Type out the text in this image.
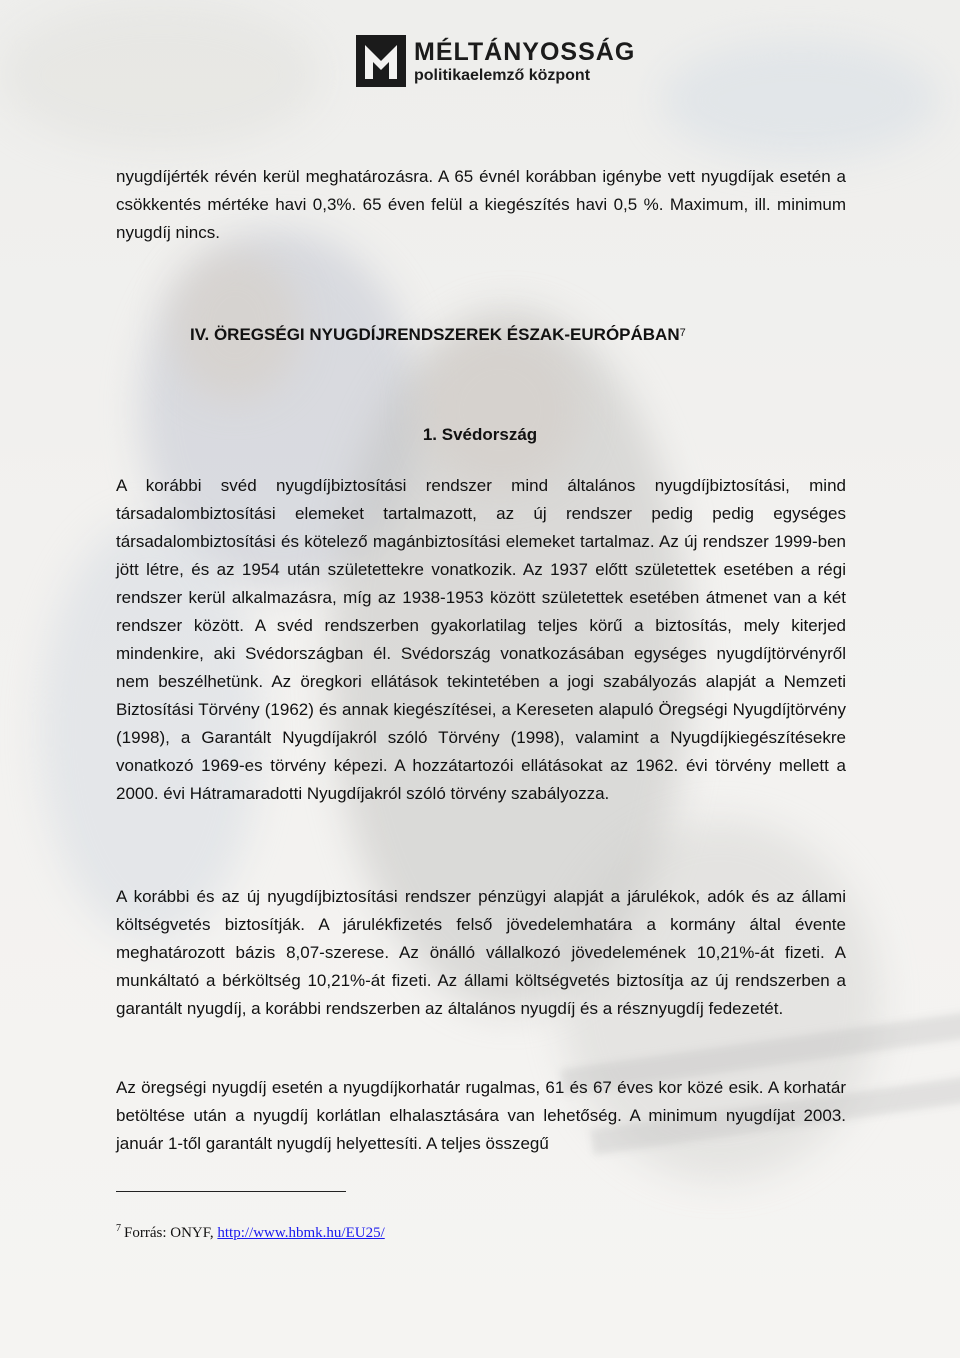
MÉLTÁNYOSSÁG
politikaelemző központ

nyugdíjérték révén kerül meghatározásra. A 65 évnél korábban igénybe vett nyugdíjak esetén a csökkentés mértéke havi 0,3%. 65 éven felül a kiegészítés havi 0,5 %. Maximum, ill. minimum nyugdíj nincs.

IV. ÖREGSÉGI NYUGDÍJRENDSZEREK ÉSZAK-EURÓPÁBAN$^7$
1. Svédország

A korábbi svéd nyugdíjbiztosítási rendszer mind általános nyugdíjbiztosítási, mind társadalombiztosítási elemeket tartalmazott, az új rendszer pedig pedig egységes társadalombiztosítási és kötelező magánbiztosítási elemeket tartalmaz. Az új rendszer 1999-ben jött létre, és az 1954 után születettekre vonatkozik. Az 1937 előtt születettek esetében a régi rendszer kerül alkalmazásra, míg az 1938-1953 között születettek esetében átmenet van a két rendszer között. A svéd rendszerben gyakorlatilag teljes körű a biztosítás, mely kiterjed mindenkire, aki Svédországban él. Svédország vonatkozásában egységes nyugdíjtörvényről nem beszélhetünk. Az öregkori ellátások tekintetében a jogi szabályozás alapját a Nemzeti Biztosítási Törvény (1962) és annak kiegészítései, a Kereseten alapuló Öregségi Nyugdíjtörvény (1998), a Garantált Nyugdíjakról szóló Törvény (1998), valamint a Nyugdíjkiegészítésekre vonatkozó 1969-es törvény képezi. A hozzátartozói ellátásokat az 1962. évi törvény mellett a 2000. évi Hátramaradotti Nyugdíjakról szóló törvény szabályozza.

A korábbi és az új nyugdíjbiztosítási rendszer pénzügyi alapját a járulékok, adók és az állami költségvetés biztosítják. A járulékfizetés felső jövedelemhatára a kormány által évente meghatározott bázis 8,07-szerese. Az önálló vállalkozó jövedelemének 10,21%-át fizeti. A munkáltató a bérköltség 10,21%-át fizeti. Az állami költségvetés biztosítja az új rendszerben a garantált nyugdíj, a korábbi rendszerben az általános nyugdíj és a résznyugdíj fedezetét.

Az öregségi nyugdíj esetén a nyugdíjkorhatár rugalmas, 61 és 67 éves kor közé esik. A korhatár betöltése után a nyugdíj korlátlan elhalasztására van lehetőség. A minimum nyugdíjat 2003. január 1-től garantált nyugdíj helyettesíti. A teljes összegű

$^7$ Forrás: ONYF, http://www.hbmk.hu/EU25/
